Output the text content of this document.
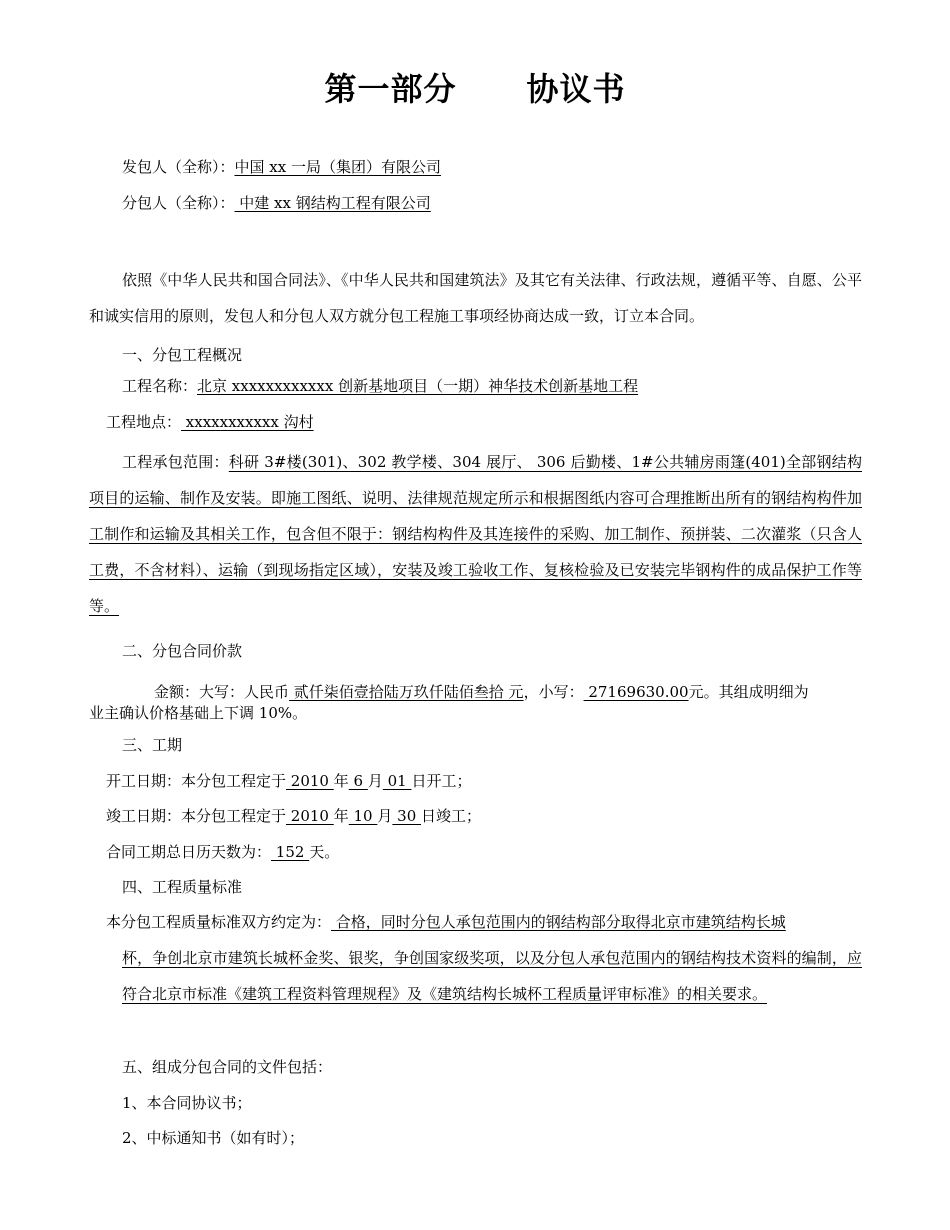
第一部分 协议书
发包人（全称）：中国 xx 一局（集团）有限公司
分包人（全称）： 中建 xx 钢结构工程有限公司
依照《中华人民共和国合同法》、《中华人民共和国建筑法》及其它有关法律、行政法规，遵循平等、自愿、公平和诚实信用的原则，发包人和分包人双方就分包工程施工事项经协商达成一致，订立本合同。
一、分包工程概况
工程名称：北京 xxxxxxxxxxxx 创新基地项目（一期）神华技术创新基地工程
工程地点： xxxxxxxxxxx 沟村
工程承包范围：科研 3#楼(301)、302 教学楼、304 展厅、 306 后勤楼、1#公共辅房雨篷(401)全部钢结构项目的运输、制作及安装。即施工图纸、说明、法律规范规定所示和根据图纸内容可合理推断出所有的钢结构构件加工制作和运输及其相关工作，包含但不限于：钢结构构件及其连接件的采购、加工制作、预拼装、二次灌浆（只含人工费，不含材料）、运输（到现场指定区域），安装及竣工验收工作、复核检验及已安装完毕钢构件的成品保护工作等等。
二、分包合同价款
金额：大写：人民币 贰仟柒佰壹拾陆万玖仟陆佰叁拾 元，小写： 27169630.00元。其组成明细为
业主确认价格基础上下调 10%。
三、工期
开工日期：本分包工程定于 2010 年 6 月 01 日开工；
竣工日期：本分包工程定于 2010 年 10 月 30 日竣工；
合同工期总日历天数为： 152 天。
四、工程质量标准
本分包工程质量标准双方约定为： 合格，同时分包人承包范围内的钢结构部分取得北京市建筑结构长城
杯，争创北京市建筑长城杯金奖、银奖，争创国家级奖项，以及分包人承包范围内的钢结构技术资料的编制，应符合北京市标准《建筑工程资料管理规程》及《建筑结构长城杯工程质量评审标准》的相关要求。
五、组成分包合同的文件包括：
1、本合同协议书；
2、中标通知书（如有时）；
